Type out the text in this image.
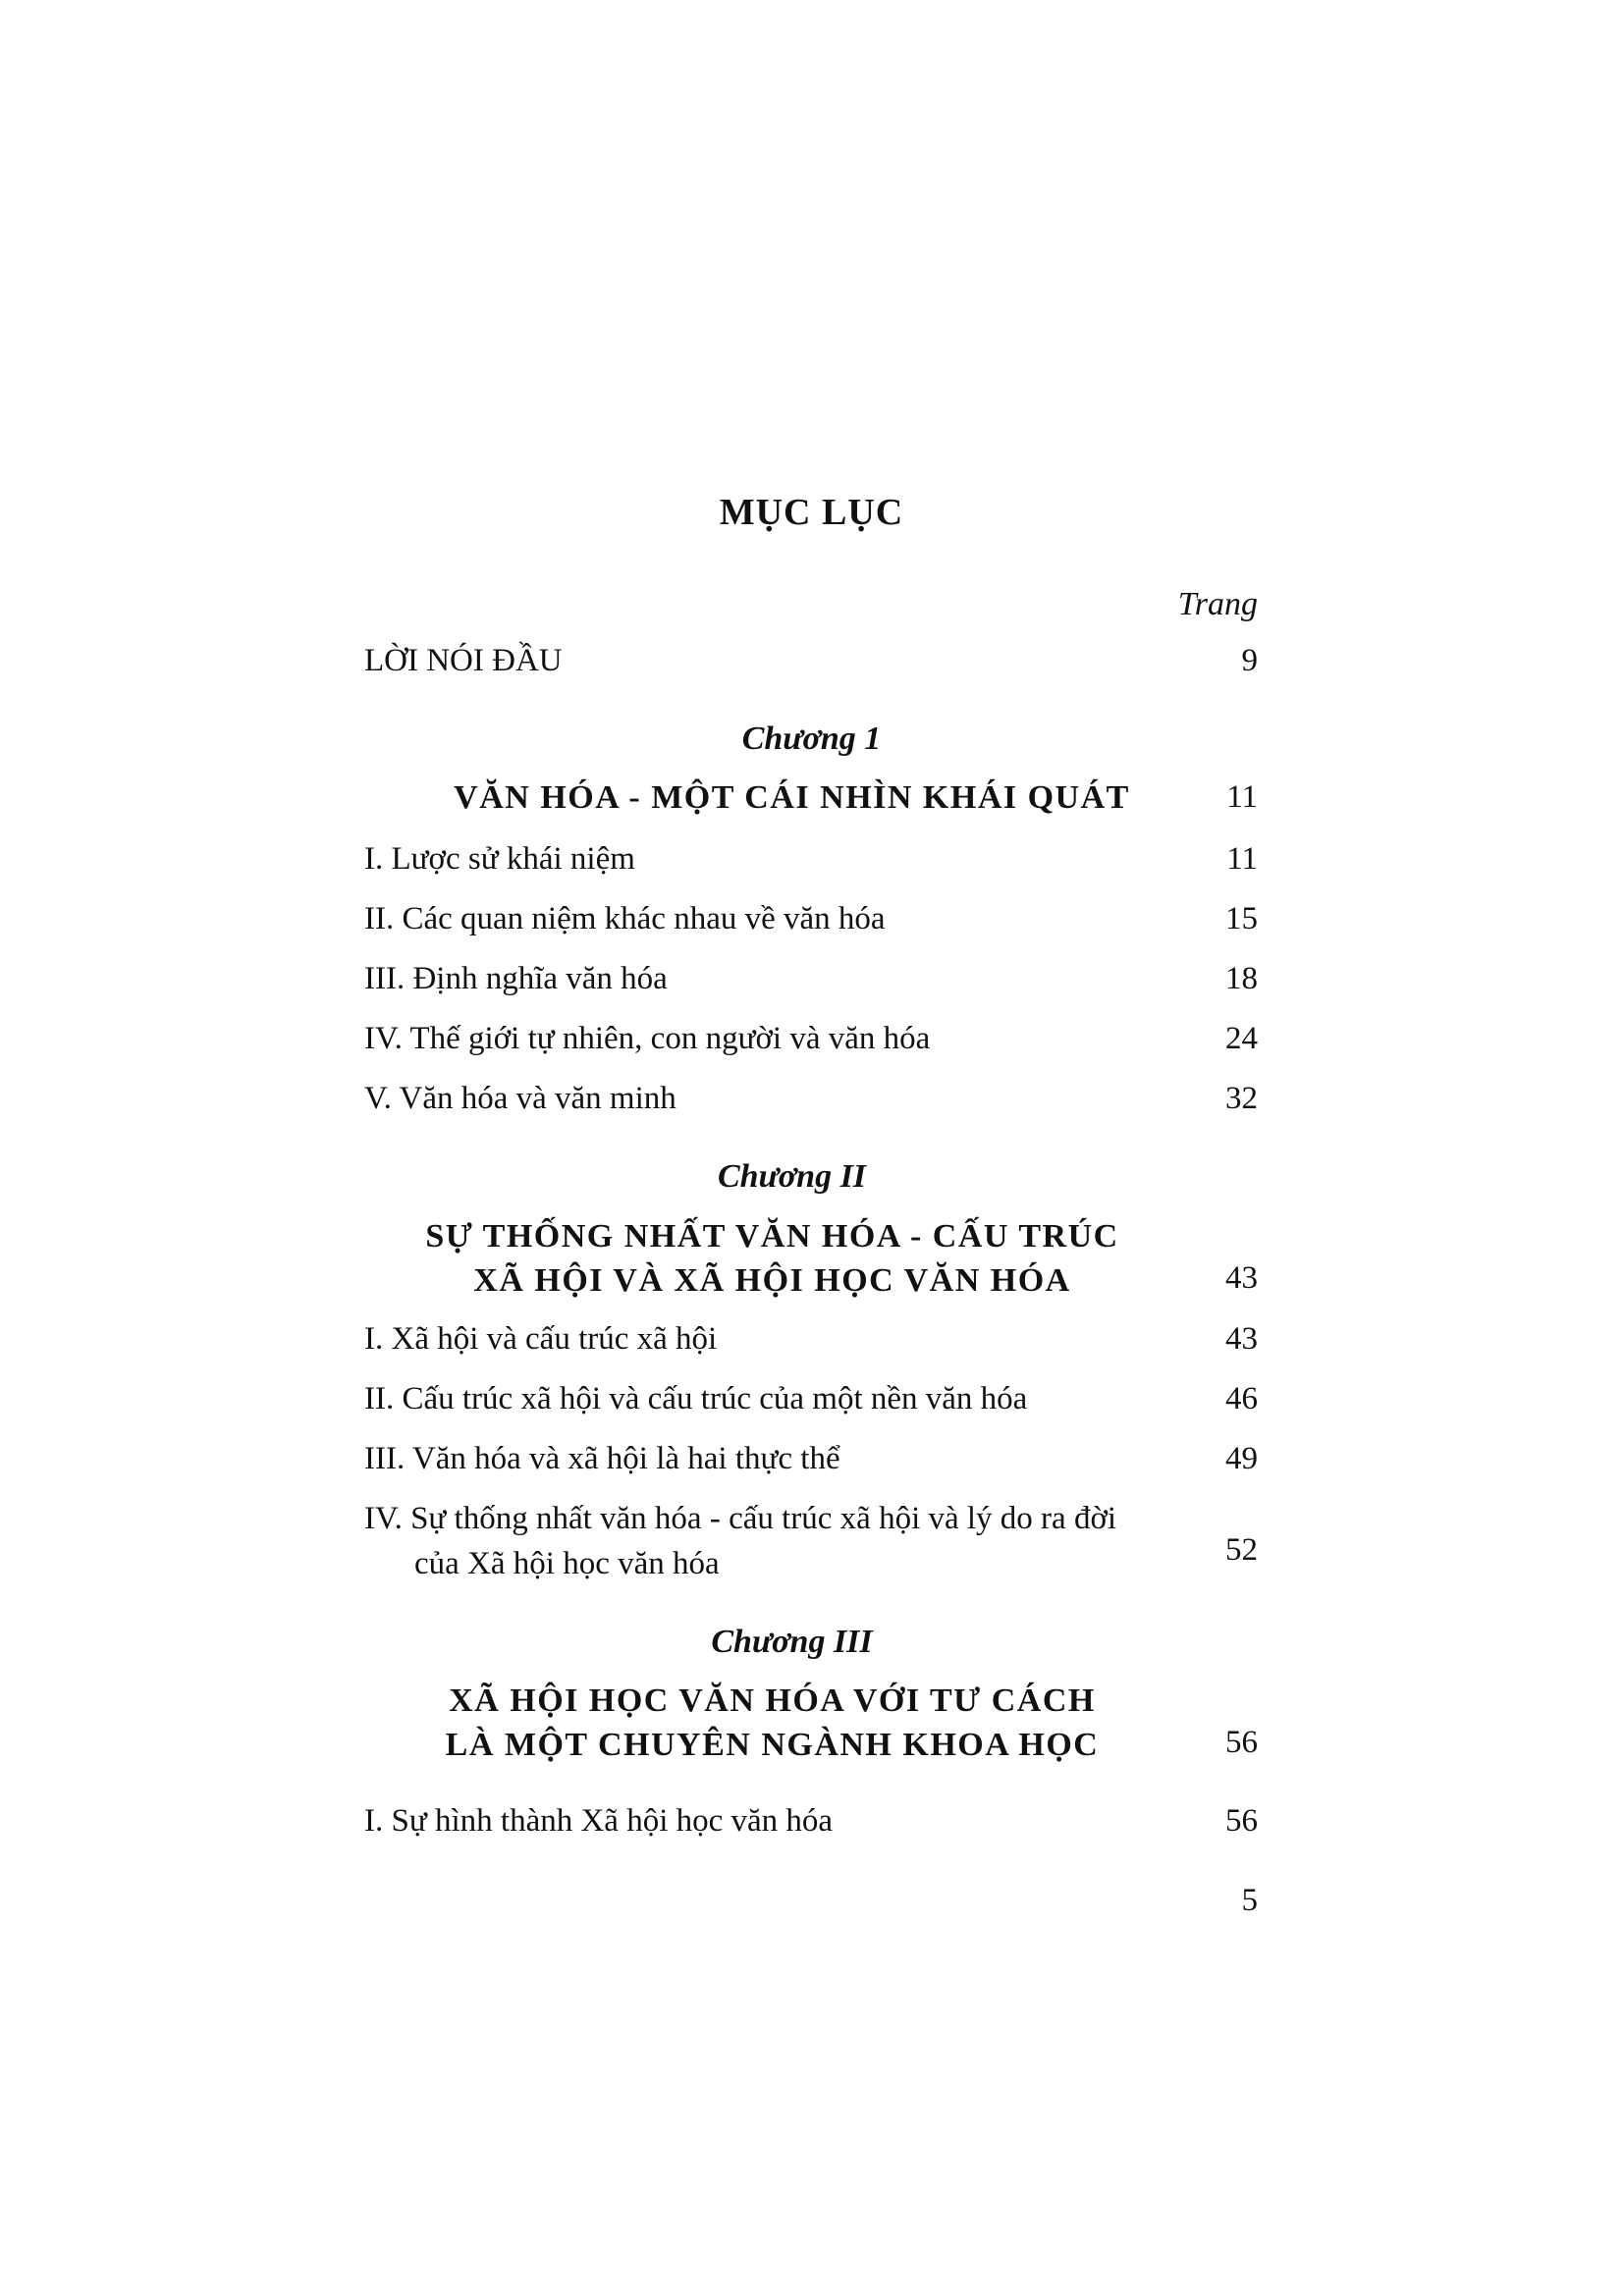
MỤC LỤC
Trang
LỜI NÓI ĐẦU	9
Chương 1
VĂN HÓA - MỘT CÁI NHÌN KHÁI QUÁT	11
I. Lược sử khái niệm	11
II. Các quan niệm khác nhau về văn hóa	15
III. Định nghĩa văn hóa	18
IV. Thế giới tự nhiên, con người và văn hóa	24
V. Văn hóa và văn minh	32
Chương II
SỰ THỐNG NHẤT VĂN HÓA - CẤU TRÚC
XÃ HỘI VÀ XÃ HỘI HỌC VĂN HÓA	43
I. Xã hội và cấu trúc xã hội	43
II. Cấu trúc xã hội và cấu trúc của một nền văn hóa	46
III. Văn hóa và xã hội là hai thực thể	49
IV. Sự thống nhất văn hóa - cấu trúc xã hội và lý do ra đời
của Xã hội học văn hóa	52
Chương III
XÃ HỘI HỌC VĂN HÓA VỚI TƯ CÁCH
LÀ MỘT CHUYÊN NGÀNH KHOA HỌC	56
I. Sự hình thành Xã hội học văn hóa	56
5
